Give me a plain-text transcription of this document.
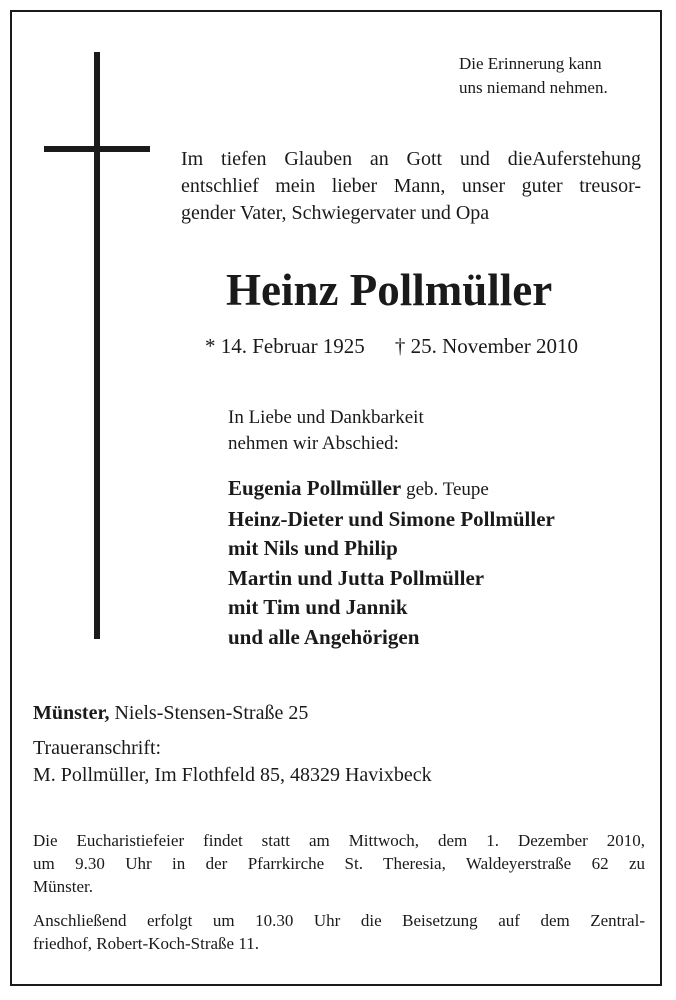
Die Erinnerung kann
uns niemand nehmen.
Im tiefen Glauben an Gott und dieAuferstehung
entschlief mein lieber Mann, unser guter treusor-
gender Vater, Schwiegervater und Opa
Heinz Pollmüller
* 14. Februar 1925 † 25. November 2010
In Liebe und Dankbarkeit
nehmen wir Abschied:
Eugenia Pollmüller geb. Teupe
Heinz-Dieter und Simone Pollmüller
mit Nils und Philip
Martin und Jutta Pollmüller
mit Tim und Jannik
und alle Angehörigen
Münster, Niels-Stensen-Straße 25
Traueranschrift:
M. Pollmüller, Im Flothfeld 85, 48329 Havixbeck
Die Eucharistiefeier findet statt am Mittwoch, dem 1. Dezember 2010,
um 9.30 Uhr in der Pfarrkirche St. Theresia, Waldeyerstraße 62 zu
Münster.
Anschließend erfolgt um 10.30 Uhr die Beisetzung auf dem Zentral-
friedhof, Robert-Koch-Straße 11.
